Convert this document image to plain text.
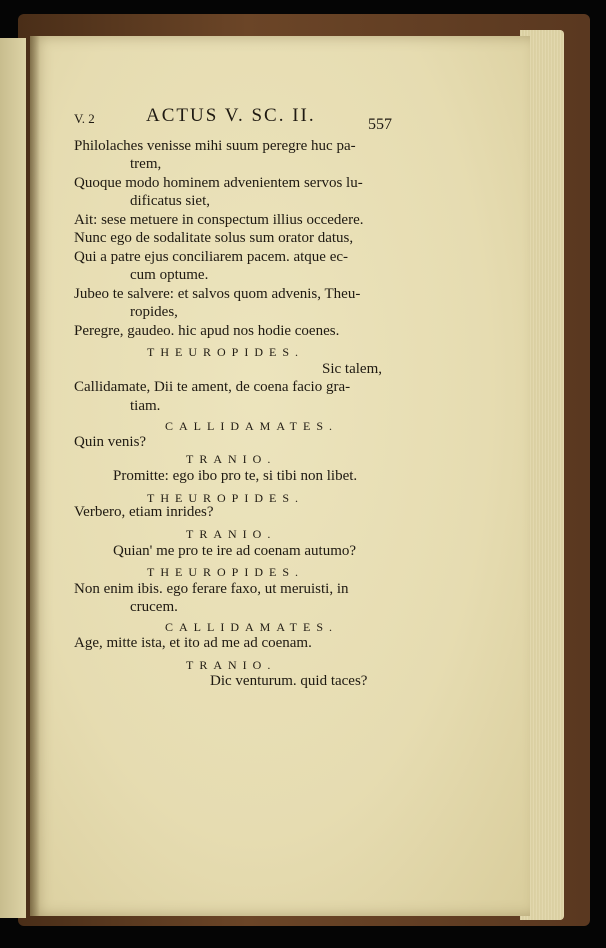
V. 2	ACTUS V. SC. II.	557
Philolaches venisse mihi suum peregre huc pa-
trem,
Quoque modo hominem advenientem servos lu-
dificatus siet,
Ait: sese metuere in conspectum illius occedere.
Nunc ego de sodalitate solus sum orator datus,
Qui a patre ejus conciliarem pacem. atque ec-
cum optume.
Jubeo te salvere: et salvos quom advenis, Theu-
ropides,
Peregre, gaudeo. hic apud nos hodie coenes.
THEUROPIDES.
Sic talem,
Callidamate, Dii te ament, de coena facio gra-
tiam.
CALLIDAMATES.
Quin venis?
TRANIO.
Promitte: ego ibo pro te, si tibi non libet.
THEUROPIDES.
Verbero, etiam inrides?
TRANIO.
Quian' me pro te ire ad coenam autumo?
THEUROPIDES.
Non enim ibis. ego ferare faxo, ut meruisti, in
crucem.
CALLIDAMATES.
Age, mitte ista, et ito ad me ad coenam.
TRANIO.
Dic venturum. quid taces?
